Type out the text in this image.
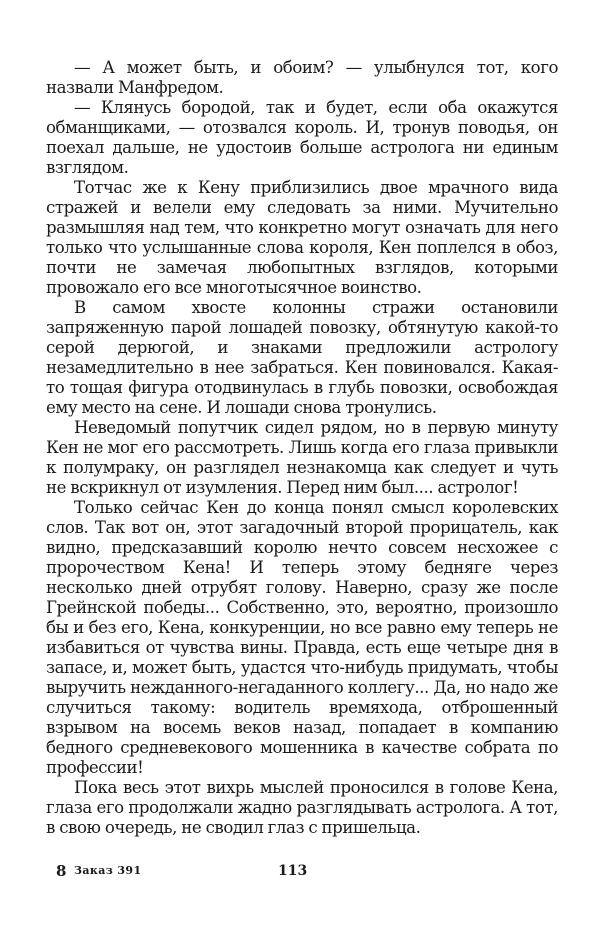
— А может быть, и обоим? — улыбнулся тот, кого назвали Манфредом.

— Клянусь бородой, так и будет, если оба окажутся обманщиками, — отозвался король. И, тронув поводья, он поехал дальше, не удостоив больше астролога ни единым взглядом.

Тотчас же к Кену приблизились двое мрачного вида стражей и велели ему следовать за ними. Мучительно размышляя над тем, что конкретно могут означать для него только что услышанные слова короля, Кен поплелся в обоз, почти не замечая любопытных взглядов, которыми провожало его все многотысячное воинство.

В самом хвосте колонны стражи остановили запряженную парой лошадей повозку, обтянутую какой-то серой дерюгой, и знаками предложили астрологу незамедлительно в нее забраться. Кен повиновался. Какая-то тощая фигура отодвинулась в глубь повозки, освобождая ему место на сене. И лошади снова тронулись.

Неведомый попутчик сидел рядом, но в первую минуту Кен не мог его рассмотреть. Лишь когда его глаза привыкли к полумраку, он разглядел незнакомца как следует и чуть не вскрикнул от изумления. Перед ним был.... астролог!

Только сейчас Кен до конца понял смысл королевских слов. Так вот он, этот загадочный второй прорицатель, как видно, предсказавший королю нечто совсем несхожее с пророчеством Кена! И теперь этому бедняге через несколько дней отрубят голову. Наверно, сразу же после Грейнской победы... Собственно, это, вероятно, произошло бы и без его, Кена, конкуренции, но все равно ему теперь не избавиться от чувства вины. Правда, есть еще четыре дня в запасе, и, может быть, удастся что-нибудь придумать, чтобы выручить нежданного-негаданного коллегу... Да, но надо же случиться такому: водитель времяхода, отброшенный взрывом на восемь веков назад, попадает в компанию бедного средневекового мошенника в качестве собрата по профессии!

Пока весь этот вихрь мыслей проносился в голове Кена, глаза его продолжали жадно разглядывать астролога. А тот, в свою очередь, не сводил глаз с пришельца.

8 Заказ 391	113
